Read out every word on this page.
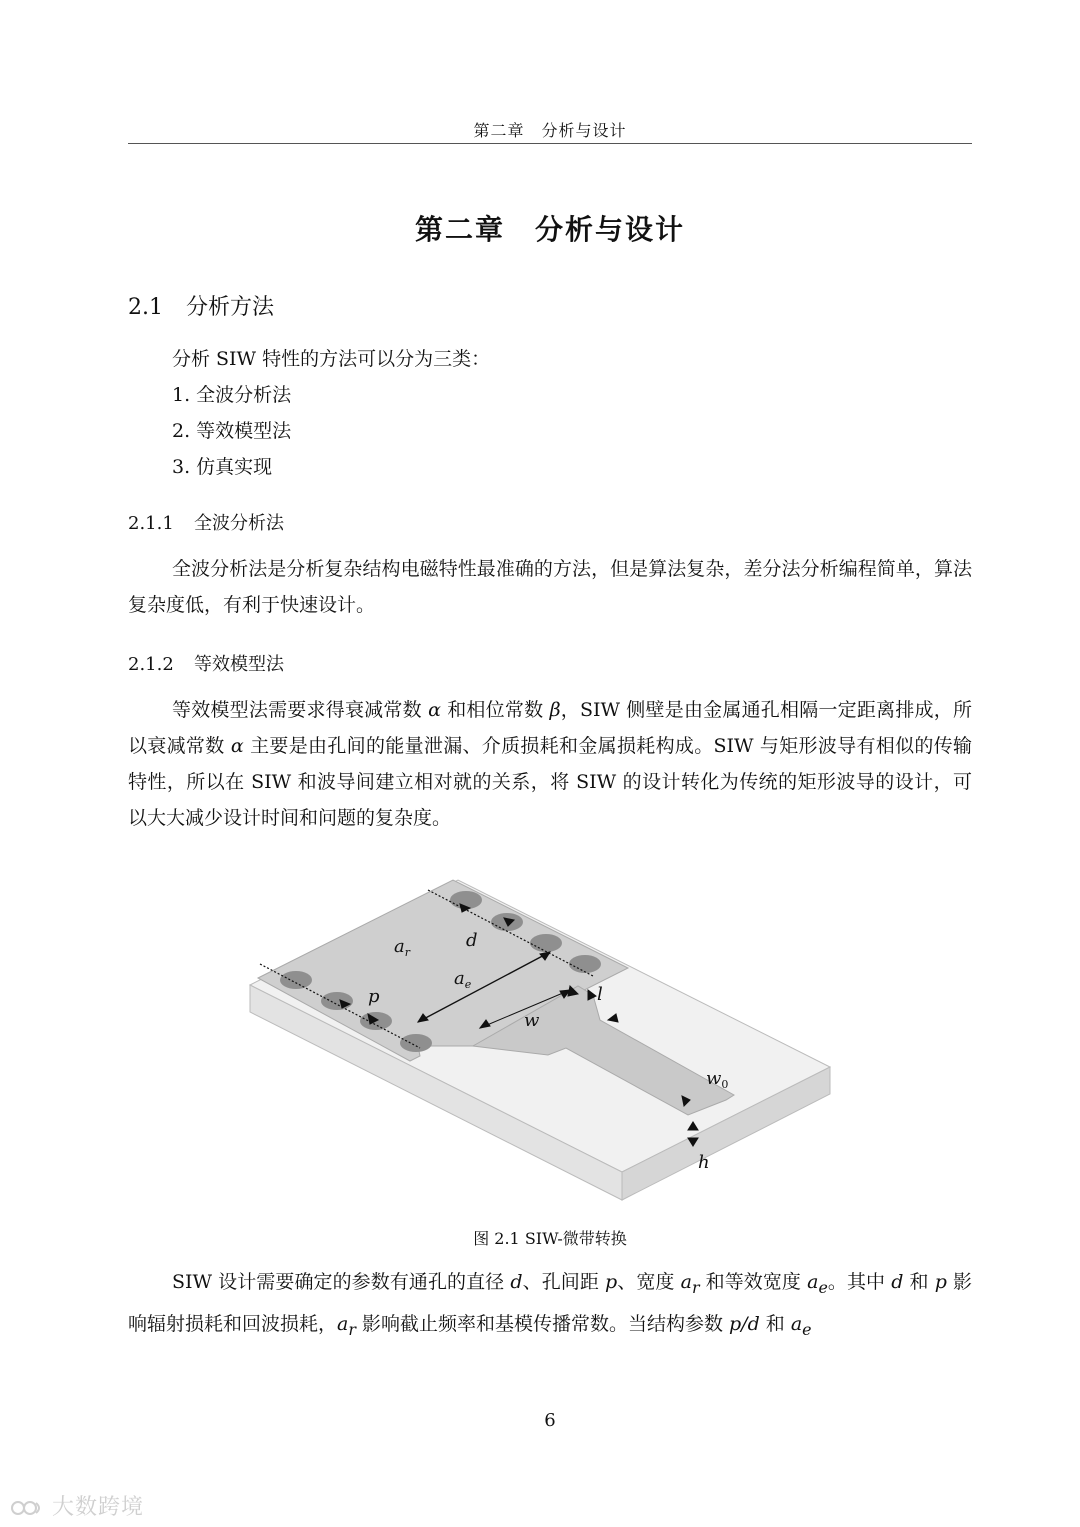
第二章　分析与设计
第二章　分析与设计
2.1 分析方法
分析 SIW 特性的方法可以分为三类：
1. 全波分析法
2. 等效模型法
3. 仿真实现
2.1.1 全波分析法

全波分析法是分析复杂结构电磁特性最准确的方法，但是算法复杂，差分法分析编程简单，算法复杂度低，有利于快速设计。

2.1.2 等效模型法

等效模型法需要求得衰减常数 α 和相位常数 β，SIW 侧壁是由金属通孔相隔一定距离排成，所以衰减常数 α 主要是由孔间的能量泄漏、介质损耗和金属损耗构成。SIW 与矩形波导有相似的传输特性，所以在 SIW 和波导间建立相对就的关系，将 SIW 的设计转化为传统的矩形波导的设计，可以大大减少设计时间和问题的复杂度。

$a_r$
d
$a_e$
p
w
l
$w_0$
h
图 2.1 SIW-微带转换

SIW 设计需要确定的参数有通孔的直径 d、孔间距 p、宽度 $a_r$ 和等效宽度 $a_e$。其中 d 和 p 影响辐射损耗和回波损耗，$a_r$ 影响截止频率和基模传播常数。当结构参数 p/d 和 $a_e$

6
大数跨境
